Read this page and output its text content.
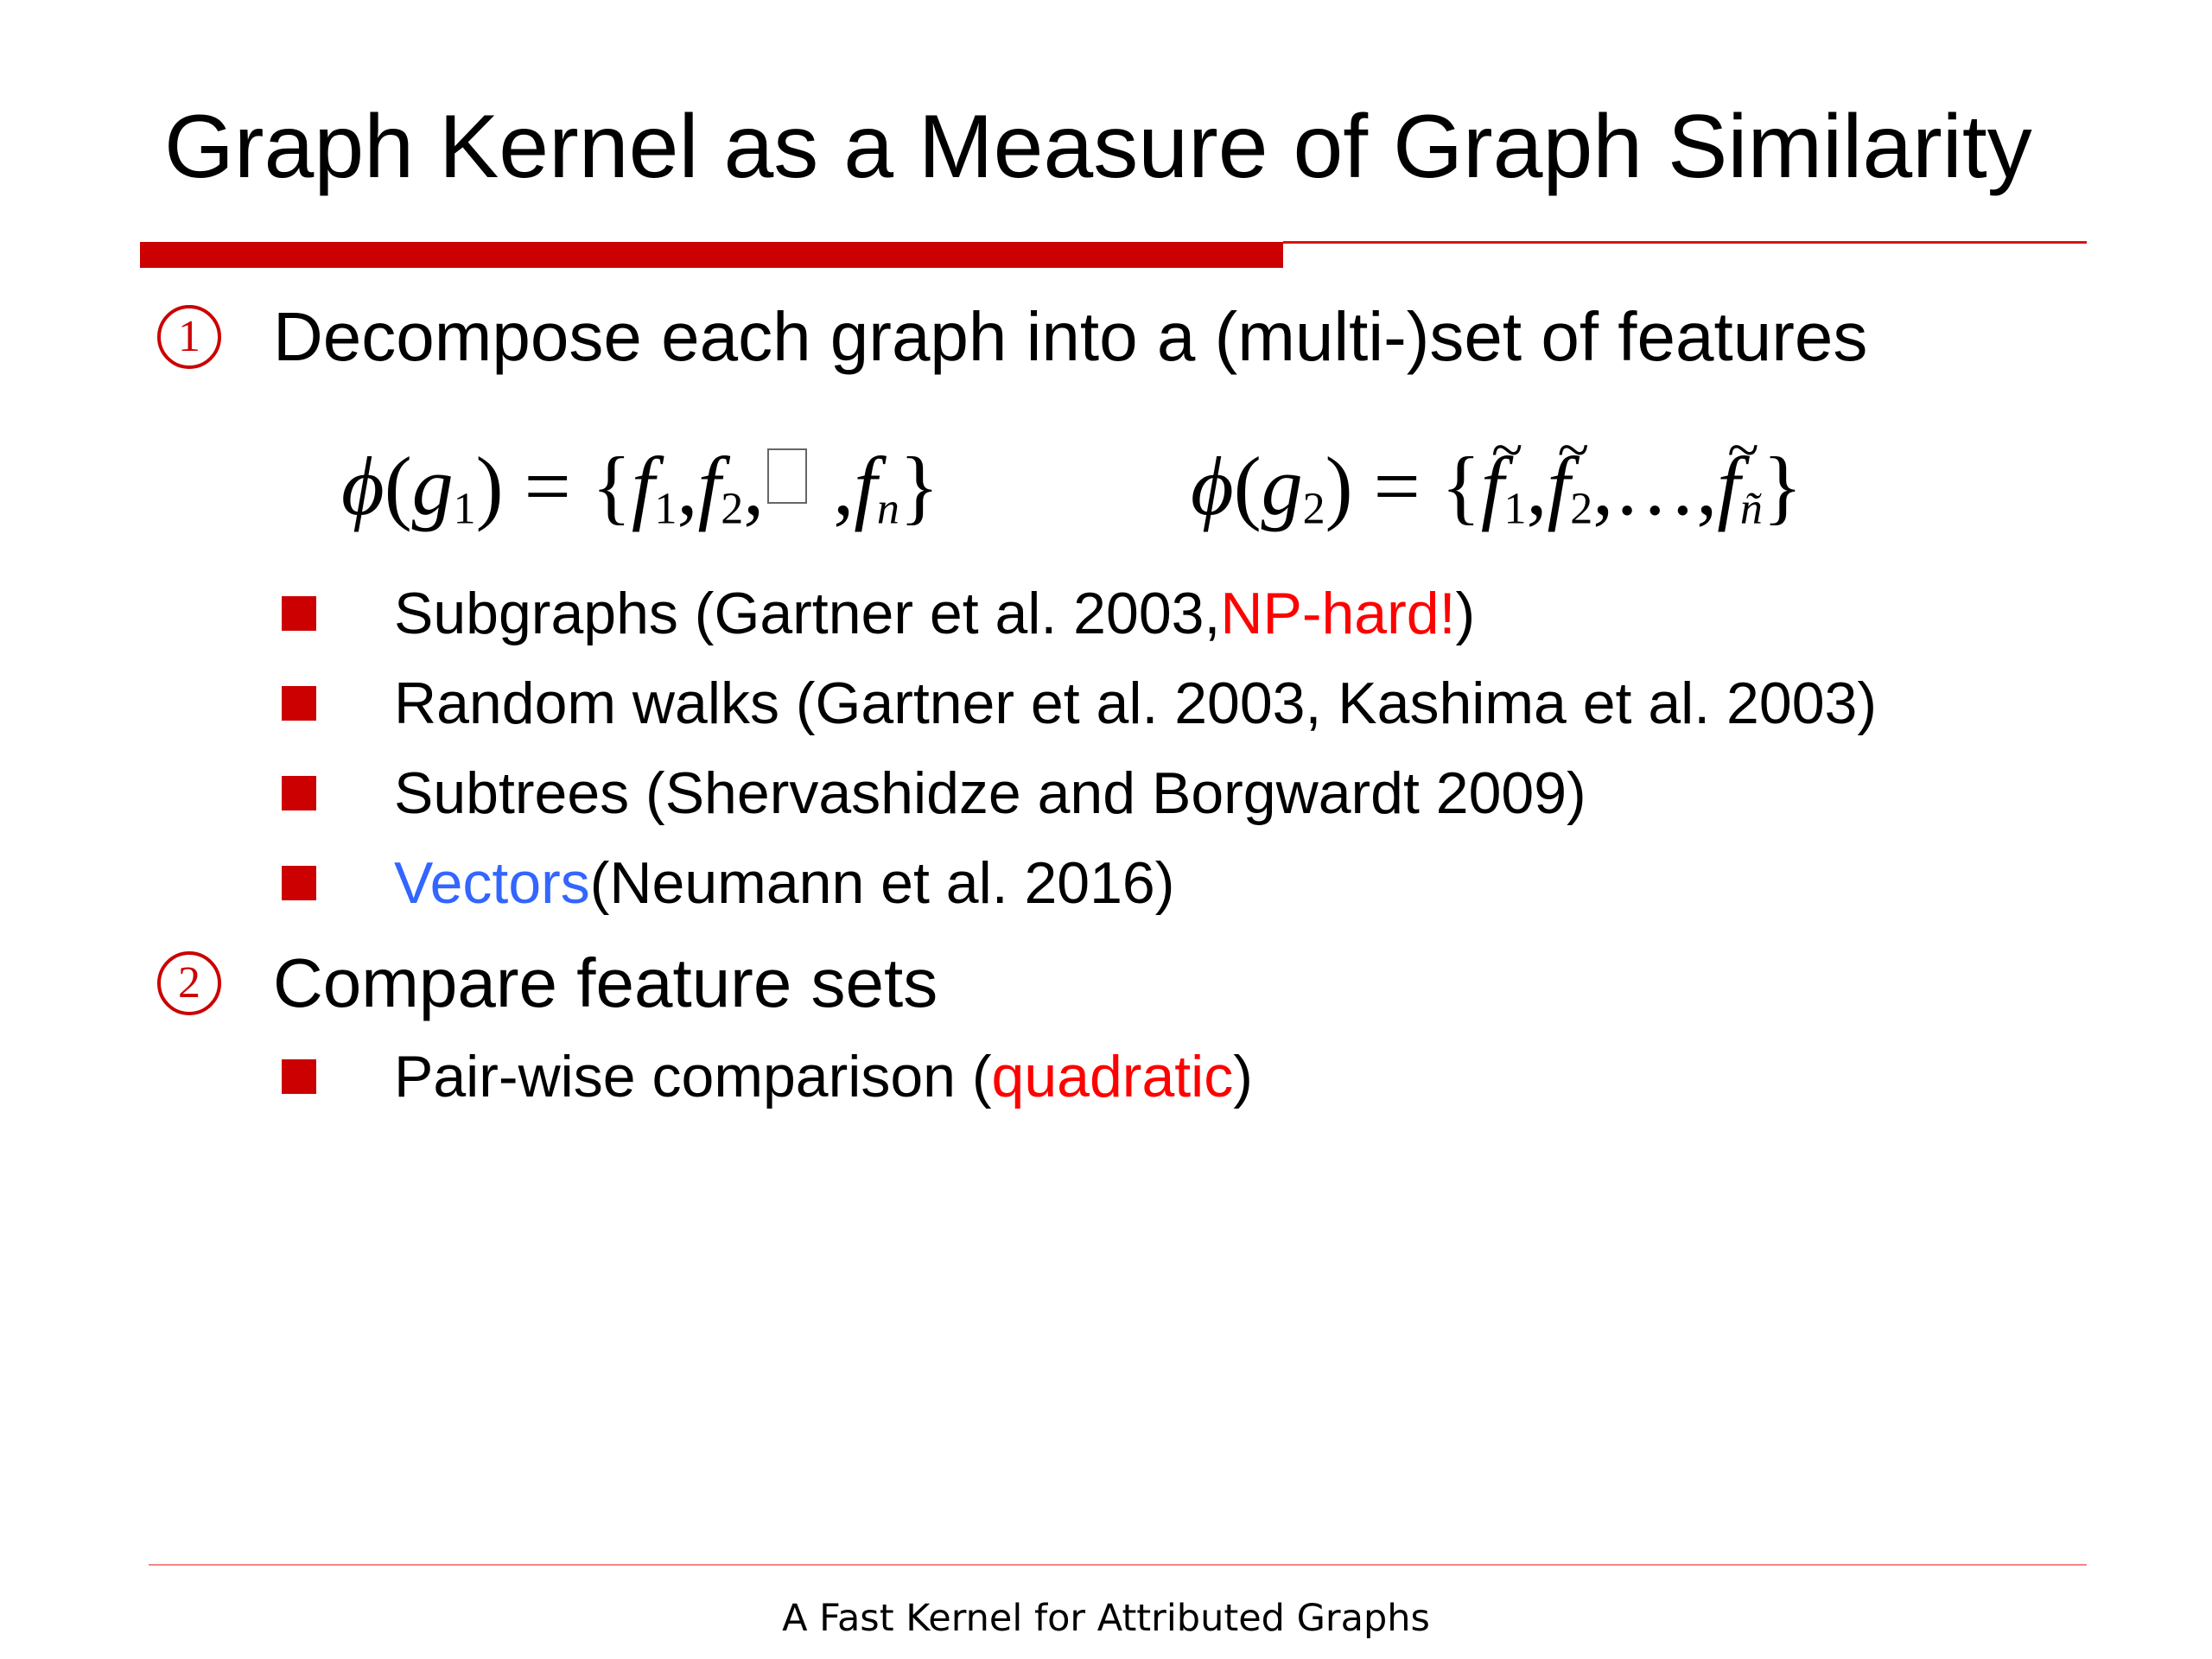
Graph Kernel as a Measure of Graph Similarity
1	Decompose each graph into a (multi-)set of features
$\phi(g_1) = \{f_1,f_2$, $,f_n$}	$\phi(g_2)$ = {~ $f_1,\sim$ $f_2,\dots,\sim$ $f_ñ$}
Subgraphs (Gartner et al. 2003, NP-hard! )
Random walks (Gartner et al. 2003, Kashima et al. 2003)
Subtrees (Shervashidze and Borgwardt 2009)
Vectors (Neumann et al. 2016)
2	Compare feature sets
Pair-wise comparison ( quadratic )
A Fast Kernel for Attributed Graphs
